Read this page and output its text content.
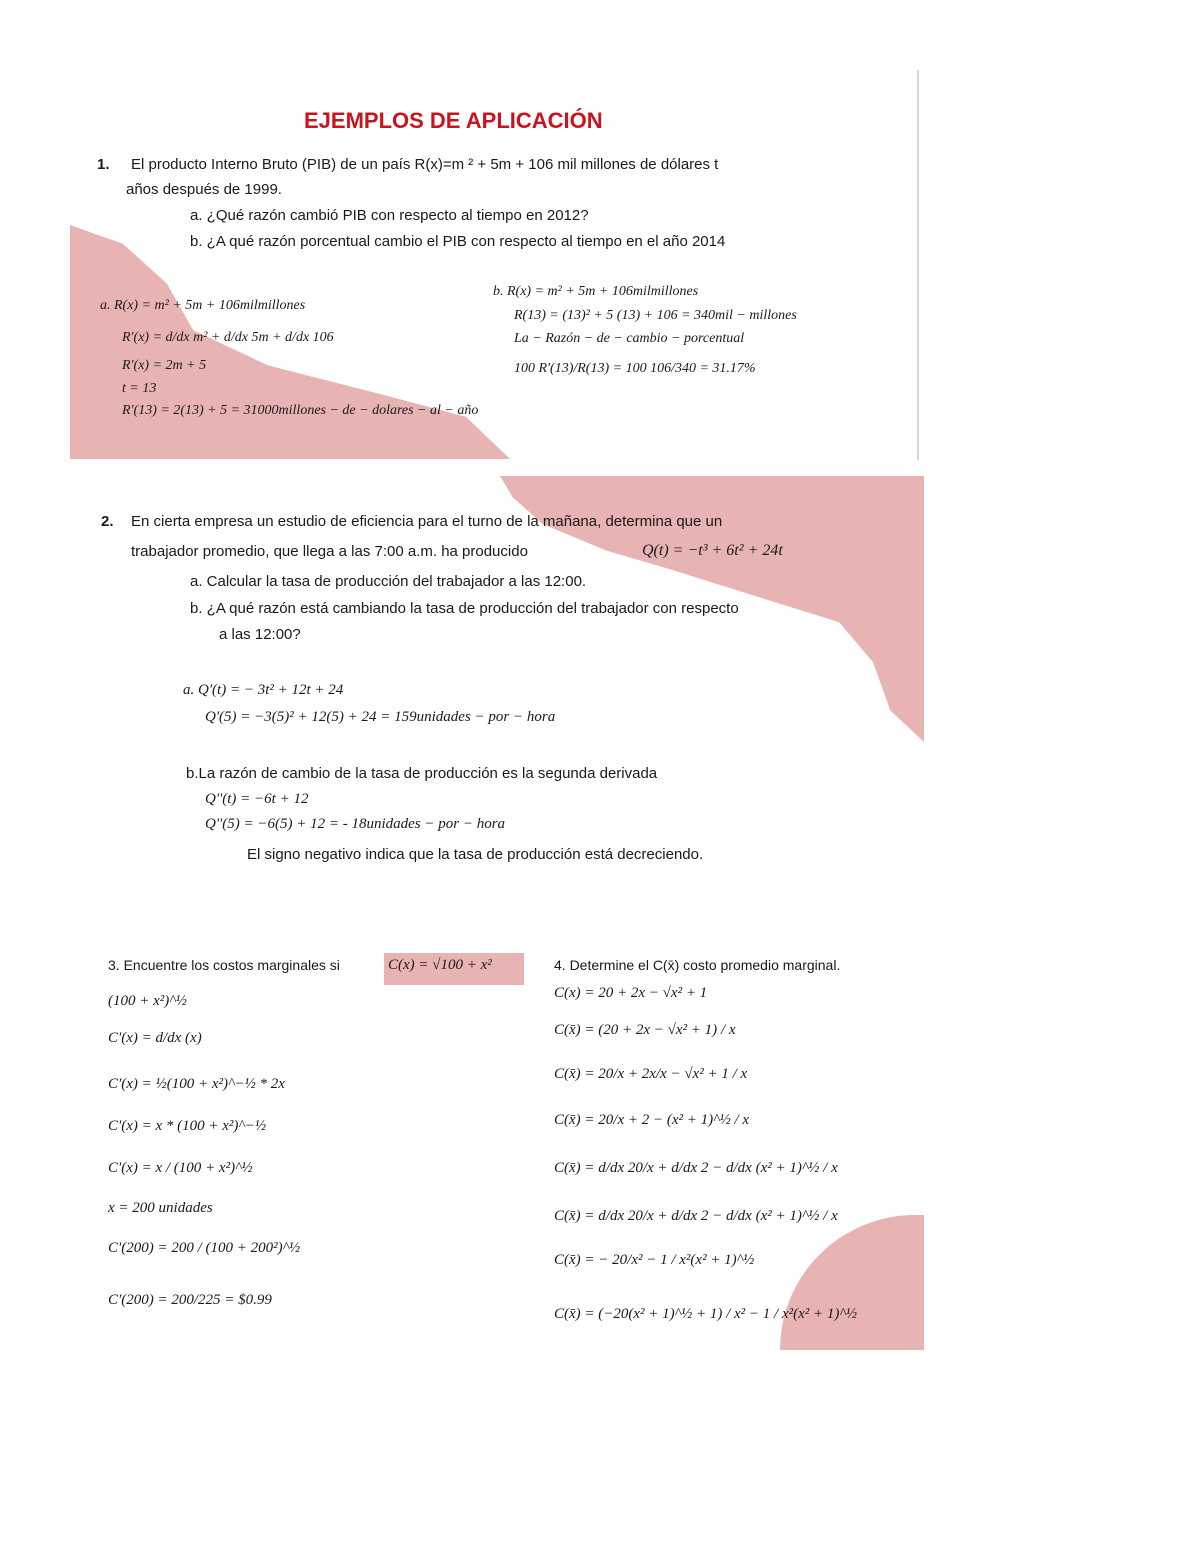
EJEMPLOS DE APLICACIÓN
1. El producto Interno Bruto (PIB) de un país R(x)=m ² + 5m + 106 mil millones de dólares t
años después de 1999.
a. ¿Qué razón cambió PIB con respecto al tiempo en 2012?
b. ¿A qué razón porcentual cambio el PIB con respecto al tiempo en el año 2014
a. R(x) = m² + 5m + 106milmillones
R'(x) = d/dx m² + d/dx 5m + d/dx 106
R'(x) = 2m + 5
t = 13
R'(13) = 2(13) + 5 = 31000millones − de − dolares − al − año
b. R(x) = m² + 5m + 106milmillones
R(13) = (13)² + 5 (13) + 106 = 340mil − millones
La − Razón − de − cambio − porcentual
100 R'(13)/R(13) = 100 106/340 = 31.17%
2. En cierta empresa un estudio de eficiencia para el turno de la mañana, determina que un
trabajador promedio, que llega a las 7:00 a.m. ha producido	Q(t) = −t³ + 6t² + 24t
a. Calcular la tasa de producción del trabajador a las 12:00.
b. ¿A qué razón está cambiando la tasa de producción del trabajador con respecto
a las 12:00?
a. Q'(t) = − 3t² + 12t + 24
Q'(5) = −3(5)² + 12(5) + 24 = 159unidades − por − hora
b.La razón de cambio de la tasa de producción es la segunda derivada
Q''(t) = −6t + 12
Q''(5) = −6(5) + 12 = - 18unidades − por − hora
El signo negativo indica que la tasa de producción está decreciendo.
3. Encuentre los costos marginales si	C(x) = √100 + x²
(100 + x²)^½
C'(x) = d/dx (x)
C'(x) = ½(100 + x²)^−½ * 2x
C'(x) = x * (100 + x²)^−½
C'(x) = x / (100 + x²)^½
x = 200 unidades
C'(200) = 200 / (100 + 200²)^½
C'(200) = 200/225 = $0.99
4. Determine el C(x̄) costo promedio marginal.
C(x) = 20 + 2x − √x² + 1
C(x̄) = (20 + 2x − √x² + 1) / x
C(x̄) = 20/x + 2x/x − √x² + 1 / x
C(x̄) = 20/x + 2 − (x² + 1)^½ / x
C(x̄) = d/dx 20/x + d/dx 2 − d/dx (x² + 1)^½ / x
C(x̄) = d/dx 20/x + d/dx 2 − d/dx (x² + 1)^½ / x
C(x̄) = − 20/x² − 1 / x²(x² + 1)^½
C(x̄) = (−20(x² + 1)^½ + 1) / x² − 1 / x²(x² + 1)^½
